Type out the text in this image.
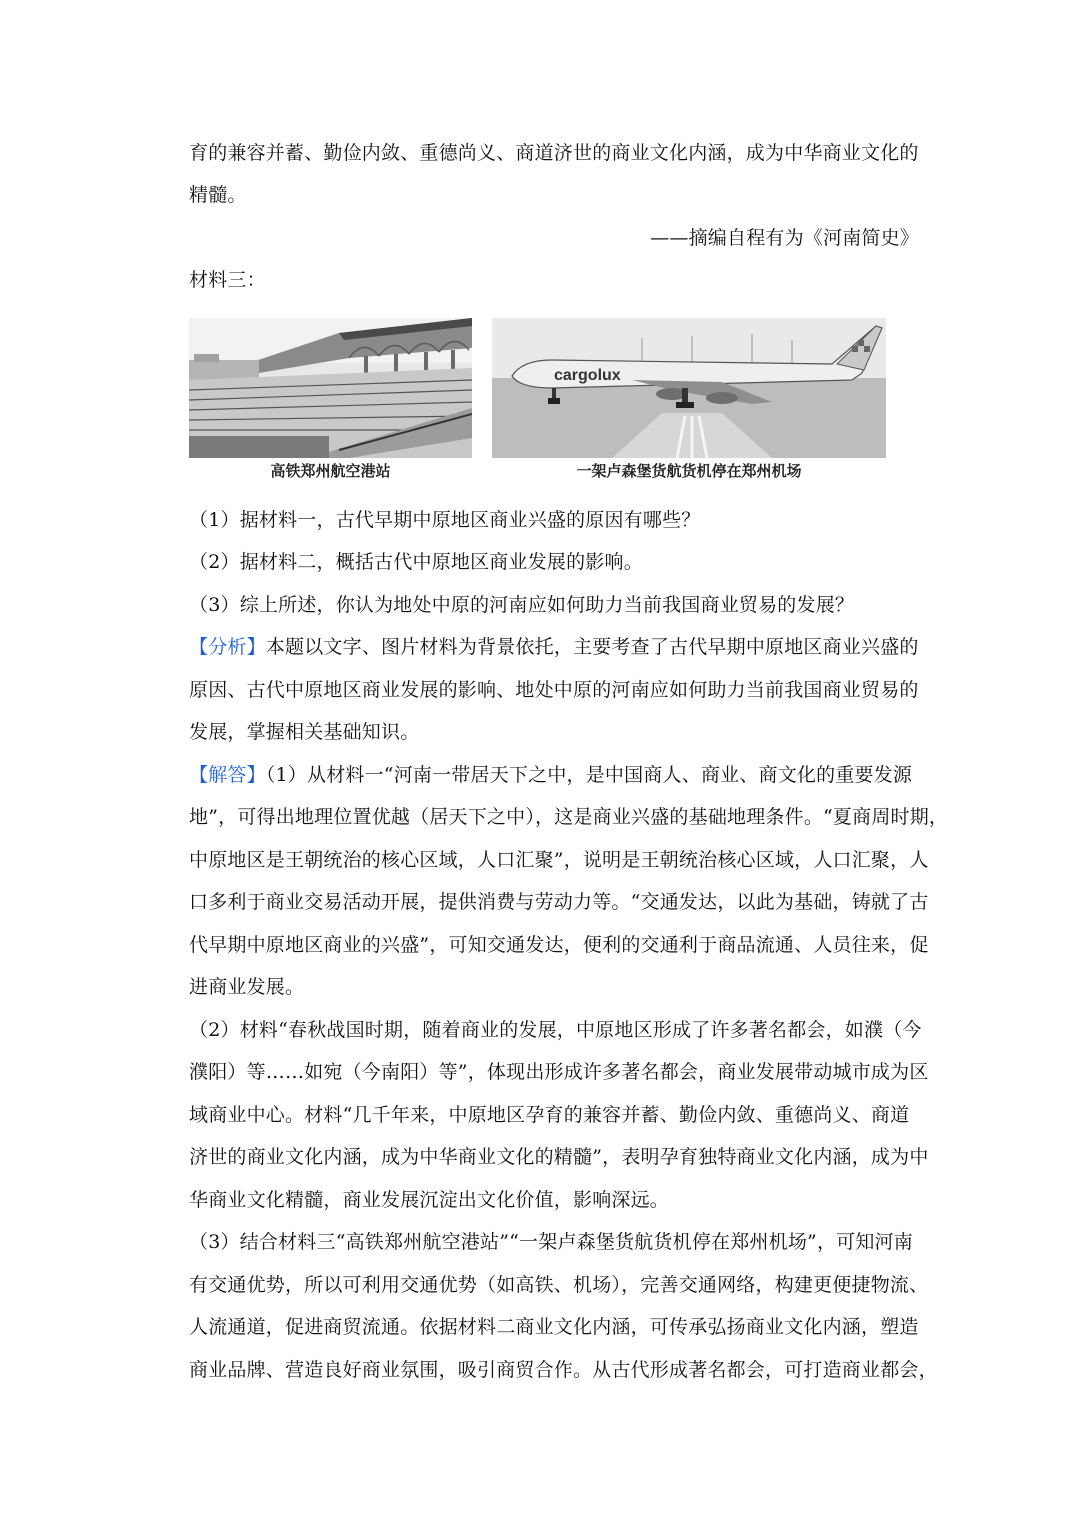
育的兼容并蓄、勤俭内敛、重德尚义、商道济世的商业文化内涵，成为中华商业文化的
精髓。
——摘编自程有为《河南简史》
材料三：
高铁郑州航空港站
cargolux
一架卢森堡货航货机停在郑州机场
（1）据材料一，古代早期中原地区商业兴盛的原因有哪些？
（2）据材料二，概括古代中原地区商业发展的影响。
（3）综上所述，你认为地处中原的河南应如何助力当前我国商业贸易的发展？
【分析】本题以文字、图片材料为背景依托，主要考查了古代早期中原地区商业兴盛的
原因、古代中原地区商业发展的影响、地处中原的河南应如何助力当前我国商业贸易的
发展，掌握相关基础知识。
【解答】（1）从材料一“河南一带居天下之中，是中国商人、商业、商文化的重要发源
地”，可得出地理位置优越（居天下之中），这是商业兴盛的基础地理条件。“夏商周时期，
中原地区是王朝统治的核心区域，人口汇聚”，说明是王朝统治核心区域，人口汇聚，人
口多利于商业交易活动开展，提供消费与劳动力等。“交通发达，以此为基础，铸就了古
代早期中原地区商业的兴盛”，可知交通发达，便利的交通利于商品流通、人员往来，促
进商业发展。
（2）材料“春秋战国时期，随着商业的发展，中原地区形成了许多著名都会，如濮（今
濮阳）等……如宛（今南阳）等”，体现出形成许多著名都会，商业发展带动城市成为区
域商业中心。材料“几千年来，中原地区孕育的兼容并蓄、勤俭内敛、重德尚义、商道
济世的商业文化内涵，成为中华商业文化的精髓”，表明孕育独特商业文化内涵，成为中
华商业文化精髓，商业发展沉淀出文化价值，影响深远。
（3）结合材料三“高铁郑州航空港站”“一架卢森堡货航货机停在郑州机场”，可知河南
有交通优势，所以可利用交通优势（如高铁、机场），完善交通网络，构建更便捷物流、
人流通道，促进商贸流通。依据材料二商业文化内涵，可传承弘扬商业文化内涵，塑造
商业品牌、营造良好商业氛围，吸引商贸合作。从古代形成著名都会，可打造商业都会，
